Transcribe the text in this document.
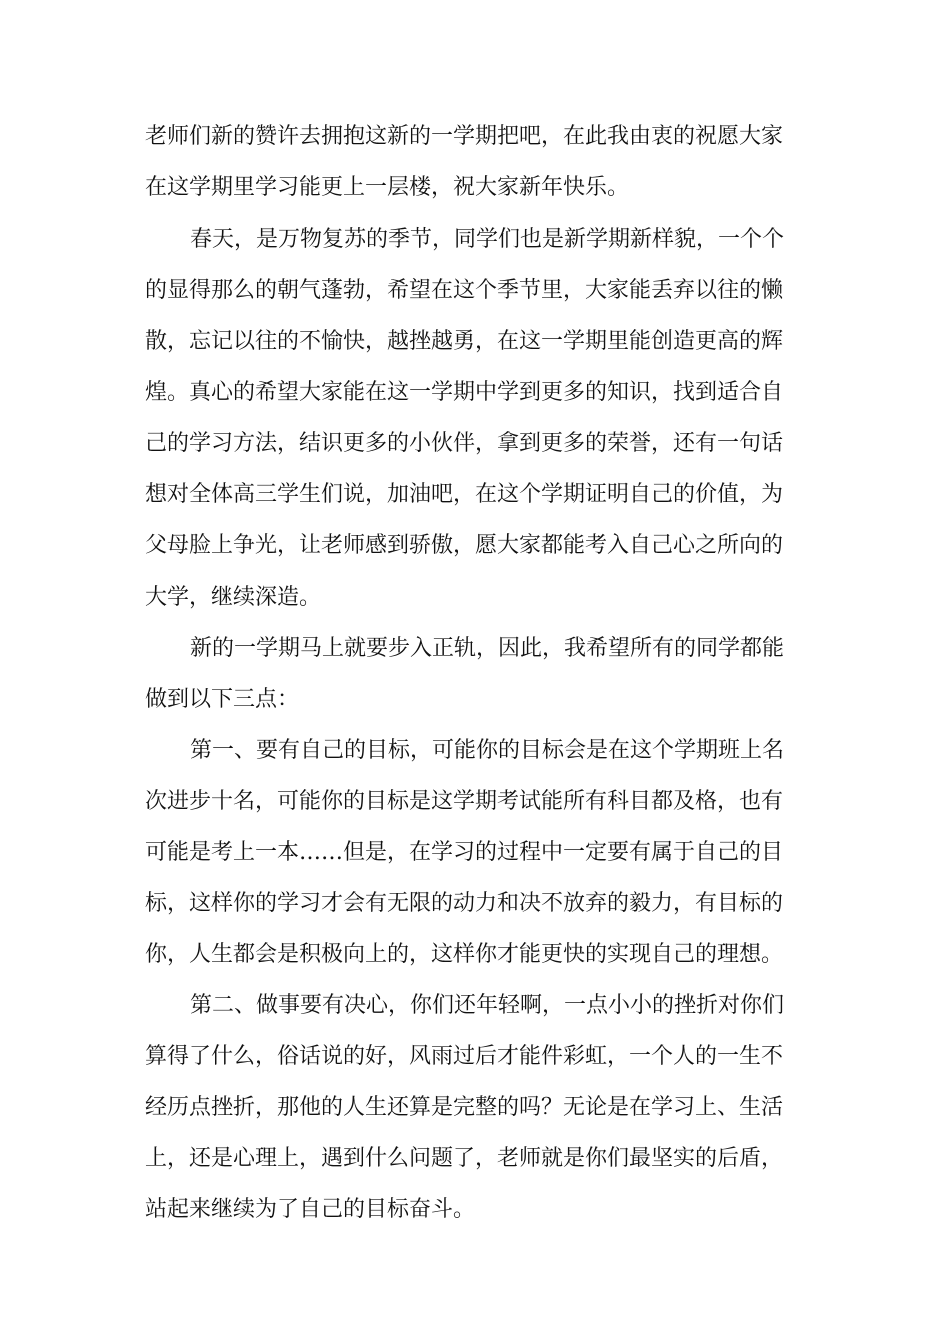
老师们新的赞许去拥抱这新的一学期把吧，在此我由衷的祝愿大家
在这学期里学习能更上一层楼，祝大家新年快乐。
春天，是万物复苏的季节，同学们也是新学期新样貌，一个个
的显得那么的朝气蓬勃，希望在这个季节里，大家能丢弃以往的懒
散，忘记以往的不愉快，越挫越勇，在这一学期里能创造更高的辉
煌。真心的希望大家能在这一学期中学到更多的知识，找到适合自
己的学习方法，结识更多的小伙伴，拿到更多的荣誉，还有一句话
想对全体高三学生们说，加油吧，在这个学期证明自己的价值，为
父母脸上争光，让老师感到骄傲，愿大家都能考入自己心之所向的
大学，继续深造。
新的一学期马上就要步入正轨，因此，我希望所有的同学都能
做到以下三点：
第一、要有自己的目标，可能你的目标会是在这个学期班上名
次进步十名，可能你的目标是这学期考试能所有科目都及格，也有
可能是考上一本……但是，在学习的过程中一定要有属于自己的目
标，这样你的学习才会有无限的动力和决不放弃的毅力，有目标的
你，人生都会是积极向上的，这样你才能更快的实现自己的理想。
第二、做事要有决心，你们还年轻啊，一点小小的挫折对你们
算得了什么，俗话说的好，风雨过后才能件彩虹，一个人的一生不
经历点挫折，那他的人生还算是完整的吗？无论是在学习上、生活
上，还是心理上，遇到什么问题了，老师就是你们最坚实的后盾，
站起来继续为了自己的目标奋斗。
